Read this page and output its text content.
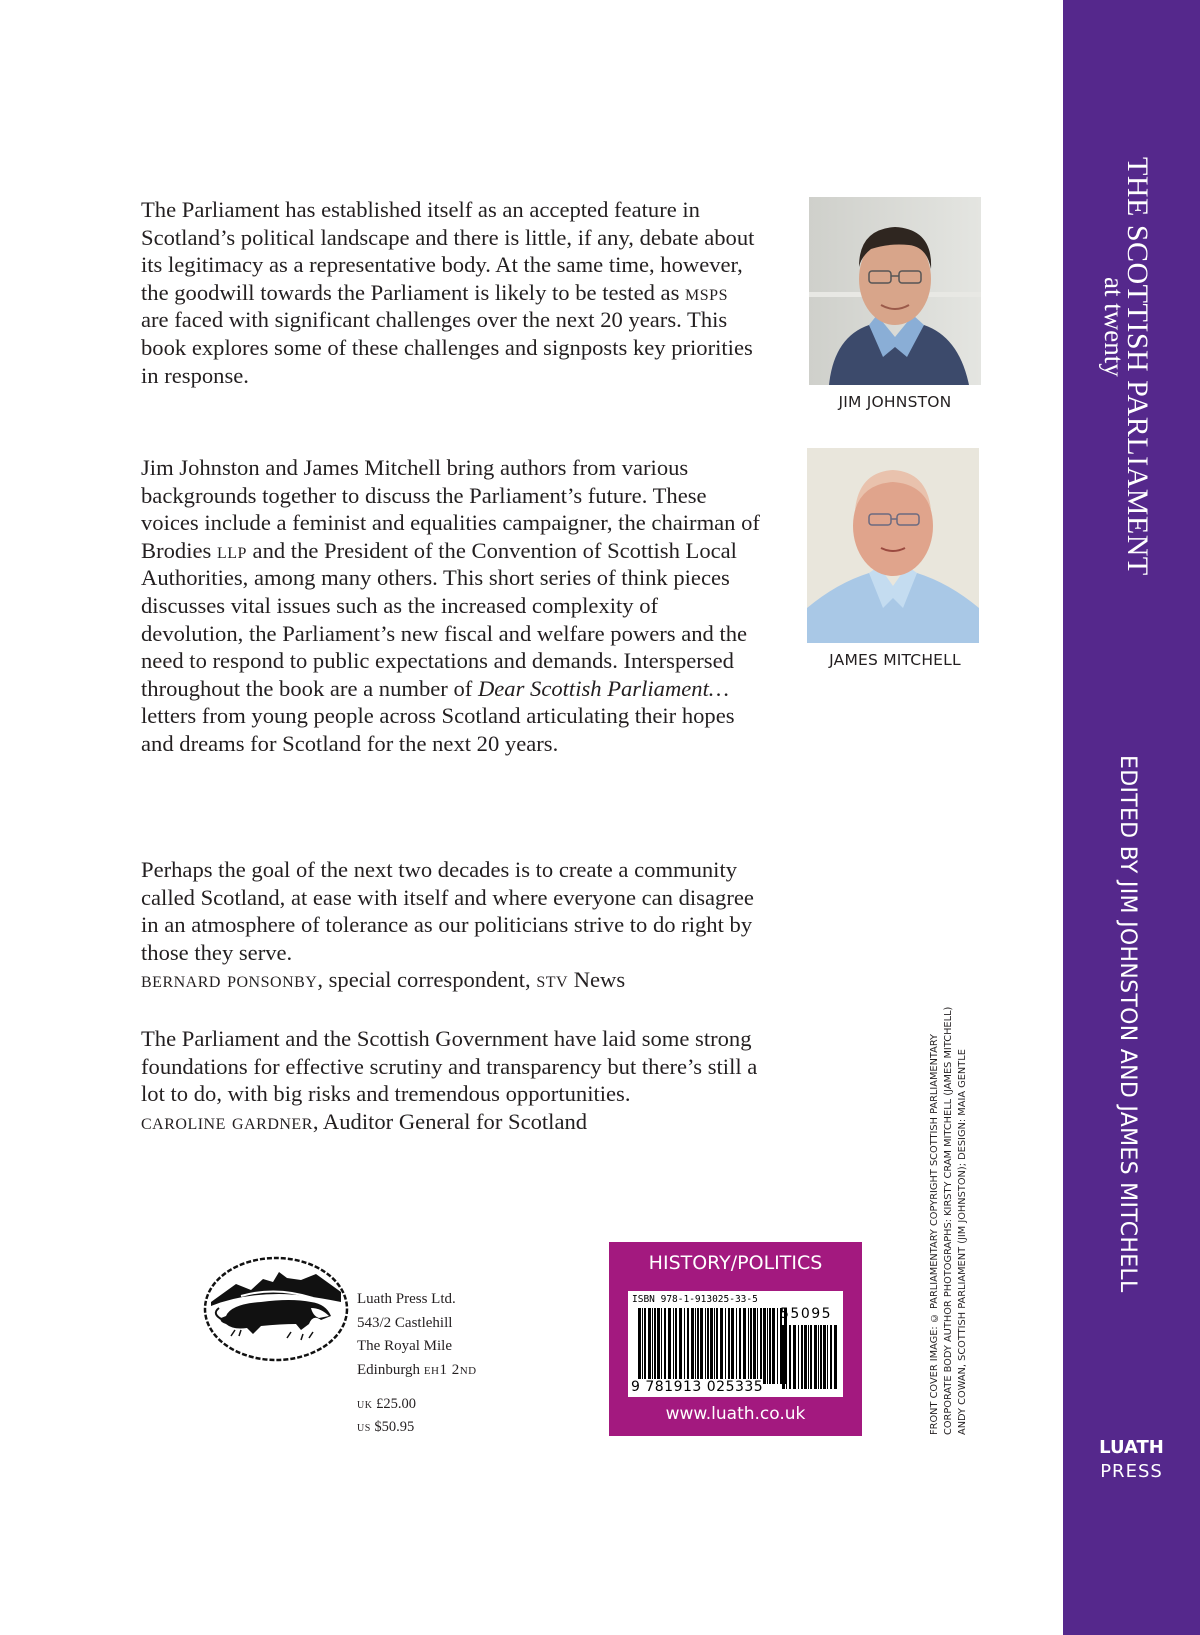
The Parliament has established itself as an accepted feature in Scotland’s political landscape and there is little, if any, debate about its legitimacy as a representative body. At the same time, however, the goodwill towards the Parliament is likely to be tested as msps are faced with significant challenges over the next 20 years. This book explores some of these challenges and signposts key priorities in response.

Jim Johnston and James Mitchell bring authors from various backgrounds together to discuss the Parliament’s future. These voices include a feminist and equalities campaigner, the chairman of Brodies llp and the President of the Convention of Scottish Local Authorities, among many others. This short series of think pieces discusses vital issues such as the increased complexity of devolution, the Parliament’s new fiscal and welfare powers and the need to respond to public expectations and demands. Interspersed throughout the book are a number of Dear Scottish Parliament… letters from young people across Scotland articulating their hopes and dreams for Scotland for the next 20 years.

Perhaps the goal of the next two decades is to create a community called Scotland, at ease with itself and where everyone can disagree in an atmosphere of tolerance as our politicians strive to do right by those they serve.

bernard ponsonby, special correspondent, stv News

The Parliament and the Scottish Government have laid some strong foundations for effective scrutiny and transparency but there’s still a lot to do, with big risks and tremendous opportunities.

caroline gardner, Auditor General for Scotland

JIM JOHNSTON
JAMES MITCHELL
FRONT COVER IMAGE: © PARLIAMENTARY COPYRIGHT SCOTTISH PARLIAMENTARY CORPORATE BODY AUTHOR PHOTOGRAPHS: KIRSTY CRAM MITCHELL (JAMES MITCHELL) ANDY COWAN, SCOTTISH PARLIAMENT (JIM JOHNSTON); DESIGN: MAIA GENTLE
Luath Press Ltd.
543/2 Castlehill
The Royal Mile
Edinburgh eh1 2nd
uk £25.00
us $50.95
HISTORY/POLITICS
ISBN 978-1-913025-33-5
55095
9 781913 025335
www.luath.co.uk
THE SCOTTISH PARLIAMENT
at twenty
EDITED BY JIM JOHNSTON AND JAMES MITCHELL
LUATH
PRESS
